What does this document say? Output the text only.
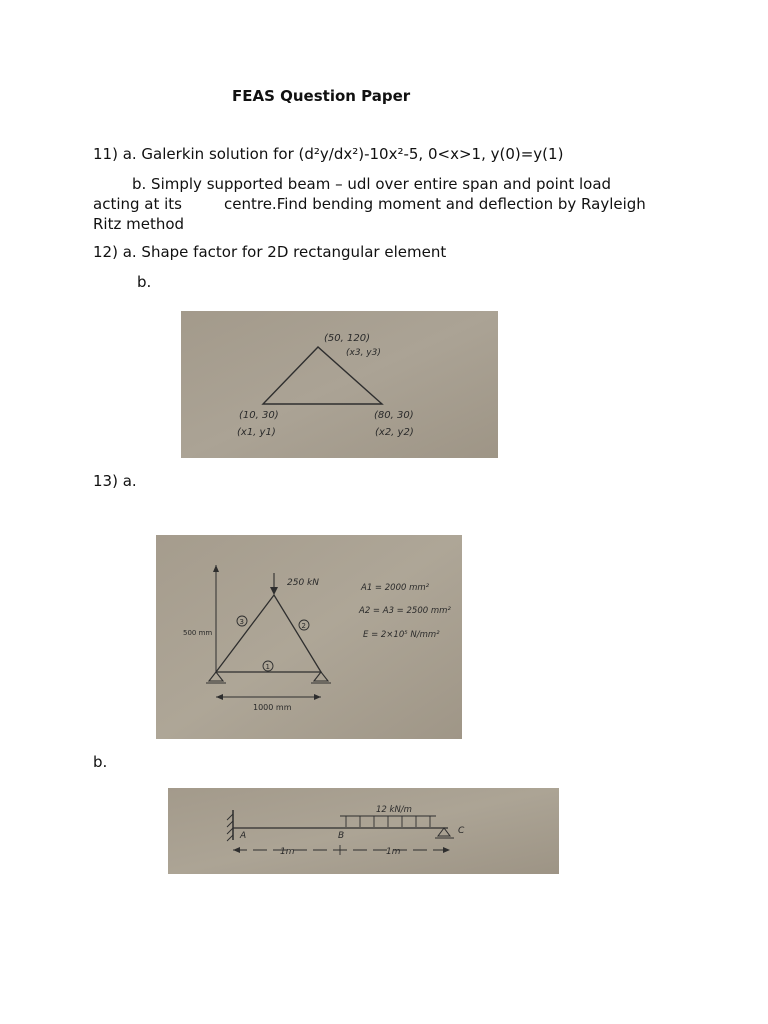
FEAS Question Paper
11) a. Galerkin solution for (d²y/dx²)-10x²-5, 0<x>1, y(0)=y(1)
b. Simply supported beam – udl over entire span and point load
acting at its	centre.Find bending moment and deflection by Rayleigh
Ritz method
12) a. Shape factor for 2D rectangular element
b.
(50, 120)
(x3, y3)
(10, 30)
(x1, y1)
(80, 30)
(x2, y2)
13) a.
250 kN
500 mm
1000 mm
1
2
3
A1 = 2000 mm²
A2 = A3 = 2500 mm²
E = 2×10⁵ N/mm²
b.
12 kN/m
A	B	C
1m	1m
